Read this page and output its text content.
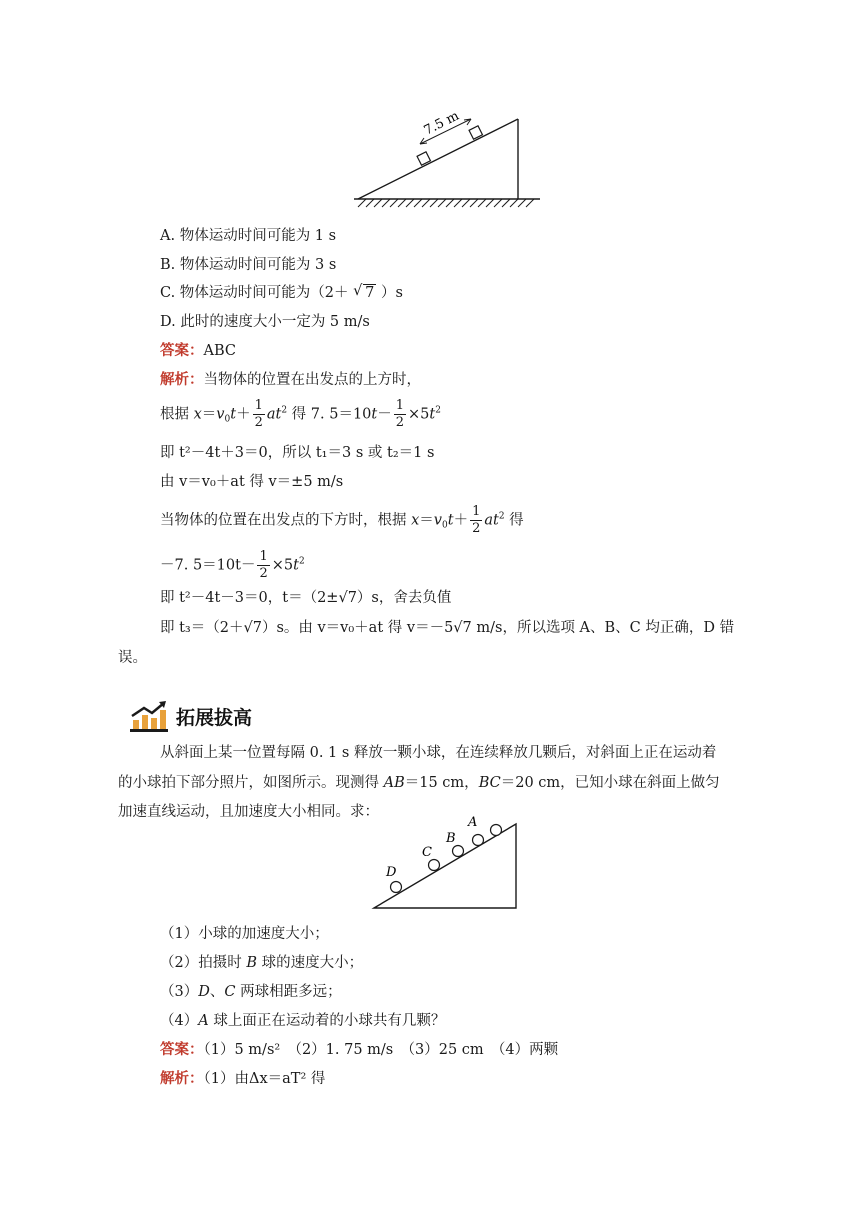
7.5 m
A. 物体运动时间可能为 1 s
B. 物体运动时间可能为 3 s
C. 物体运动时间可能为（2＋ √ 7 ）s
D. 此时的速度大小一定为 5 m/s
答案：ABC
解析：当物体的位置在出发点的上方时，
根据 $x=v_0t+ \frac{1}{2} at^2$ 得 7. $5=10t- \frac{1}{2} \times 5t^2$
即 t²－4t＋3＝0，所以 t₁＝3 s 或 t₂＝1 s
由 v＝v₀＋at 得 v＝±5 m/s
当物体的位置在出发点的下方时，根据 $x=v_0t+ \frac{1}{2} at^2$ 得
－7. $5=10t- \frac{1}{2} \times 5t^2$
即 t²－4t－3＝0，t＝（2±√7）s，舍去负值
即 t₃＝（2＋√7）s。由 v＝v₀＋at 得 v＝－5√7 m/s，所以选项 A、B、C 均正确，D 错
误。
拓展拔高
从斜面上某一位置每隔 0. 1 s 释放一颗小球，在连续释放几颗后，对斜面上正在运动着
的小球拍下部分照片，如图所示。现测得 AB＝15 cm，BC＝20 cm，已知小球在斜面上做匀
加速直线运动，且加速度大小相同。求：
A
B
C
D
（1）小球的加速度大小；
（2）拍摄时 B 球的速度大小；
（3）D、C 两球相距多远；
（4）A 球上面正在运动着的小球共有几颗？
答案：（1）5 m/s²　（2）1. 75 m/s　（3）25 cm　（4）两颗
解析：（1）由Δx＝aT² 得
